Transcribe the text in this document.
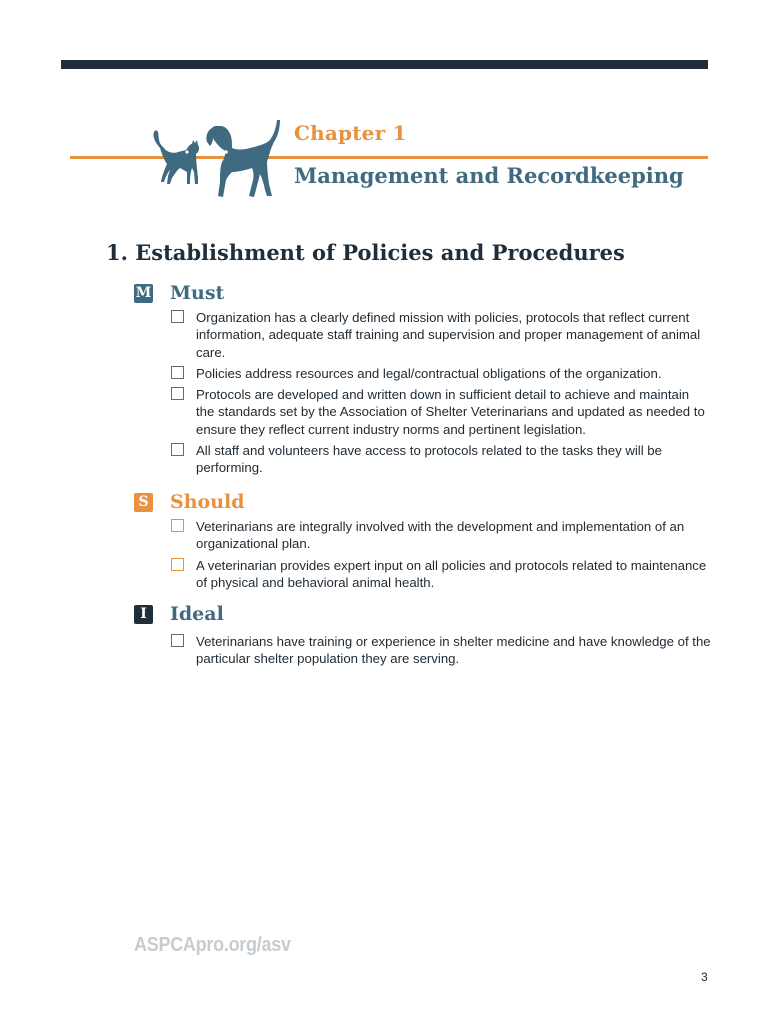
Chapter 1
Management and Recordkeeping
1. Establishment of Policies and Procedures
M Must
Organization has a clearly defined mission with policies, protocols that reflect current information, adequate staff training and supervision and proper management of animal care.
Policies address resources and legal/contractual obligations of the organization.
Protocols are developed and written down in sufficient detail to achieve and maintain the standards set by the Association of Shelter Veterinarians and updated as needed to ensure they reflect current industry norms and pertinent legislation.
All staff and volunteers have access to protocols related to the tasks they will be performing.
S Should
Veterinarians are integrally involved with the development and implementation of an organizational plan.
A veterinarian provides expert input on all policies and protocols related to maintenance of physical and behavioral animal health.
I	Ideal
Veterinarians have training or experience in shelter medicine and have knowledge of the particular shelter population they are serving.
ASPCApro.org/asv
3
